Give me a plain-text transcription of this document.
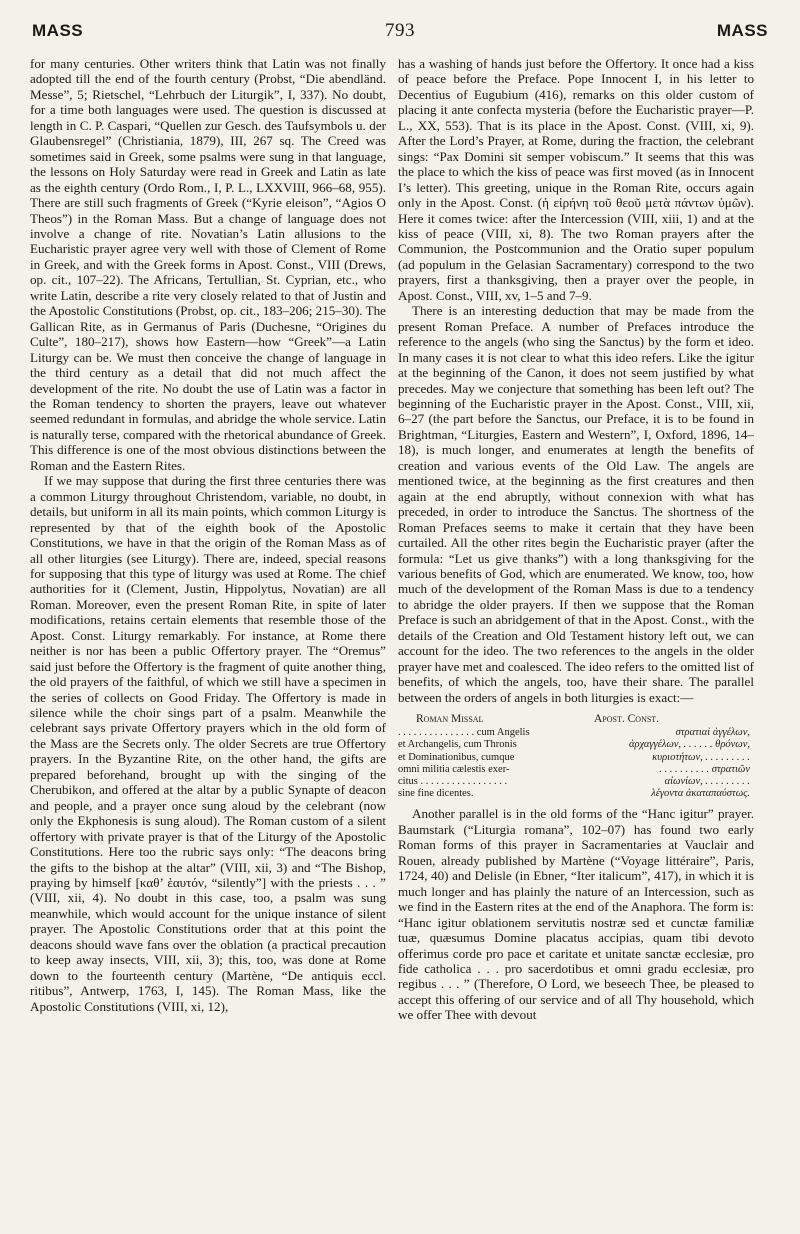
MASS	793	MASS

for many centuries. Other writers think that Latin was not finally adopted till the end of the fourth century (Probst, “Die abendländ. Messe”, 5; Rietschel, “Lehrbuch der Liturgik”, I, 337). No doubt, for a time both languages were used. The question is discussed at length in C. P. Caspari, “Quellen zur Gesch. des Taufsymbols u. der Glaubensregel” (Christiania, 1879), III, 267 sq. The Creed was sometimes said in Greek, some psalms were sung in that language, the lessons on Holy Saturday were read in Greek and Latin as late as the eighth century (Ordo Rom., I, P. L., LXXVIII, 966–68, 955). There are still such fragments of Greek (“Kyrie eleison”, “Agios O Theos”) in the Roman Mass. But a change of language does not involve a change of rite. Novatian’s Latin allusions to the Eucharistic prayer agree very well with those of Clement of Rome in Greek, and with the Greek forms in Apost. Const., VIII (Drews, op. cit., 107–22). The Africans, Tertullian, St. Cyprian, etc., who write Latin, describe a rite very closely related to that of Justin and the Apostolic Constitutions (Probst, op. cit., 183–206; 215–30). The Gallican Rite, as in Germanus of Paris (Duchesne, “Origines du Culte”, 180–217), shows how Eastern—how “Greek”—a Latin Liturgy can be. We must then conceive the change of language in the third century as a detail that did not much affect the development of the rite. No doubt the use of Latin was a factor in the Roman tendency to shorten the prayers, leave out whatever seemed redundant in formulas, and abridge the whole service. Latin is naturally terse, compared with the rhetorical abundance of Greek. This difference is one of the most obvious distinctions between the Roman and the Eastern Rites.

If we may suppose that during the first three centuries there was a common Liturgy throughout Christendom, variable, no doubt, in details, but uniform in all its main points, which common Liturgy is represented by that of the eighth book of the Apostolic Constitutions, we have in that the origin of the Roman Mass as of all other liturgies (see Liturgy). There are, indeed, special reasons for supposing that this type of liturgy was used at Rome. The chief authorities for it (Clement, Justin, Hippolytus, Novatian) are all Roman. Moreover, even the present Roman Rite, in spite of later modifications, retains certain elements that resemble those of the Apost. Const. Liturgy remarkably. For instance, at Rome there neither is nor has been a public Offertory prayer. The “Oremus” said just before the Offertory is the fragment of quite another thing, the old prayers of the faithful, of which we still have a specimen in the series of collects on Good Friday. The Offertory is made in silence while the choir sings part of a psalm. Meanwhile the celebrant says private Offertory prayers which in the old form of the Mass are the Secrets only. The older Secrets are true Offertory prayers. In the Byzantine Rite, on the other hand, the gifts are prepared beforehand, brought up with the singing of the Cherubikon, and offered at the altar by a public Synapte of deacon and people, and a prayer once sung aloud by the celebrant (now only the Ekphonesis is sung aloud). The Roman custom of a silent offertory with private prayer is that of the Liturgy of the Apostolic Constitutions. Here too the rubric says only: “The deacons bring the gifts to the bishop at the altar” (VIII, xii, 3) and “The Bishop, praying by himself [καθ’ ἑαυτόν, “silently”] with the priests . . . ” (VIII, xii, 4). No doubt in this case, too, a psalm was sung meanwhile, which would account for the unique instance of silent prayer. The Apostolic Constitutions order that at this point the deacons should wave fans over the oblation (a practical precaution to keep away insects, VIII, xii, 3); this, too, was done at Rome down to the fourteenth century (Martène, “De antiquis eccl. ritibus”, Antwerp, 1763, I, 145). The Roman Mass, like the Apostolic Constitutions (VIII, xi, 12),

has a washing of hands just before the Offertory. It once had a kiss of peace before the Preface. Pope Innocent I, in his letter to Decentius of Eugubium (416), remarks on this older custom of placing it ante confecta mysteria (before the Eucharistic prayer—P. L., XX, 553). That is its place in the Apost. Const. (VIII, xi, 9). After the Lord’s Prayer, at Rome, during the fraction, the celebrant sings: “Pax Domini sit semper vobiscum.” It seems that this was the place to which the kiss of peace was first moved (as in Innocent I’s letter). This greeting, unique in the Roman Rite, occurs again only in the Apost. Const. (ἡ εἰρήνη τοῦ θεοῦ μετὰ πάντων ὑμῶν). Here it comes twice: after the Intercession (VIII, xiii, 1) and at the kiss of peace (VIII, xi, 8). The two Roman prayers after the Communion, the Postcommunion and the Oratio super populum (ad populum in the Gelasian Sacramentary) correspond to the two prayers, first a thanksgiving, then a prayer over the people, in Apost. Const., VIII, xv, 1–5 and 7–9.

There is an interesting deduction that may be made from the present Roman Preface. A number of Prefaces introduce the reference to the angels (who sing the Sanctus) by the form et ideo. In many cases it is not clear to what this ideo refers. Like the igitur at the beginning of the Canon, it does not seem justified by what precedes. May we conjecture that something has been left out? The beginning of the Eucharistic prayer in the Apost. Const., VIII, xii, 6–27 (the part before the Sanctus, our Preface, it is to be found in Brightman, “Liturgies, Eastern and Western”, I, Oxford, 1896, 14–18), is much longer, and enumerates at length the benefits of creation and various events of the Old Law. The angels are mentioned twice, at the beginning as the first creatures and then again at the end abruptly, without connexion with what has preceded, in order to introduce the Sanctus. The shortness of the Roman Prefaces seems to make it certain that they have been curtailed. All the other rites begin the Eucharistic prayer (after the formula: “Let us give thanks”) with a long thanksgiving for the various benefits of God, which are enumerated. We know, too, how much of the development of the Roman Mass is due to a tendency to abridge the older prayers. If then we suppose that the Roman Preface is such an abridgement of that in the Apost. Const., with the details of the Creation and Old Testament history left out, we can account for the ideo. The two references to the angels in the older prayer have met and coalesced. The ideo refers to the omitted list of benefits, of which the angels, too, have their share. The parallel between the orders of angels in both liturgies is exact:—

Roman Missal	Apost. Const.
. . . . . . . . . . . . . . . cum Angelis	στρατιαὶ ἀγγέλων,
et Archangelis, cum Thronis	ἀρχαγγέλων, . . . . . . θρόνων,
et Dominationibus, cumque	κυριοτήτων, . . . . . . . . .
omni militia cælestis exer-	. . . . . . . . . . στρατιῶν
citus . . . . . . . . . . . . . . . . .	αἰωνίων, . . . . . . . . .
sine fine dicentes.	λέγοντα ἀκαταπαύστως.

Another parallel is in the old forms of the “Hanc igitur” prayer. Baumstark (“Liturgia romana”, 102–07) has found two early Roman forms of this prayer in Sacramentaries at Vauclair and Rouen, already published by Martène (“Voyage littéraire”, Paris, 1724, 40) and Delisle (in Ebner, “Iter italicum”, 417), in which it is much longer and has plainly the nature of an Intercession, such as we find in the Eastern rites at the end of the Anaphora. The form is: “Hanc igitur oblationem servitutis nostræ sed et cunctæ familiæ tuæ, quæsumus Domine placatus accipias, quam tibi devoto offerimus corde pro pace et caritate et unitate sanctæ ecclesiæ, pro fide catholica . . . pro sacerdotibus et omni gradu ecclesiæ, pro regibus . . . ” (Therefore, O Lord, we beseech Thee, be pleased to accept this offering of our service and of all Thy household, which we offer Thee with devout
